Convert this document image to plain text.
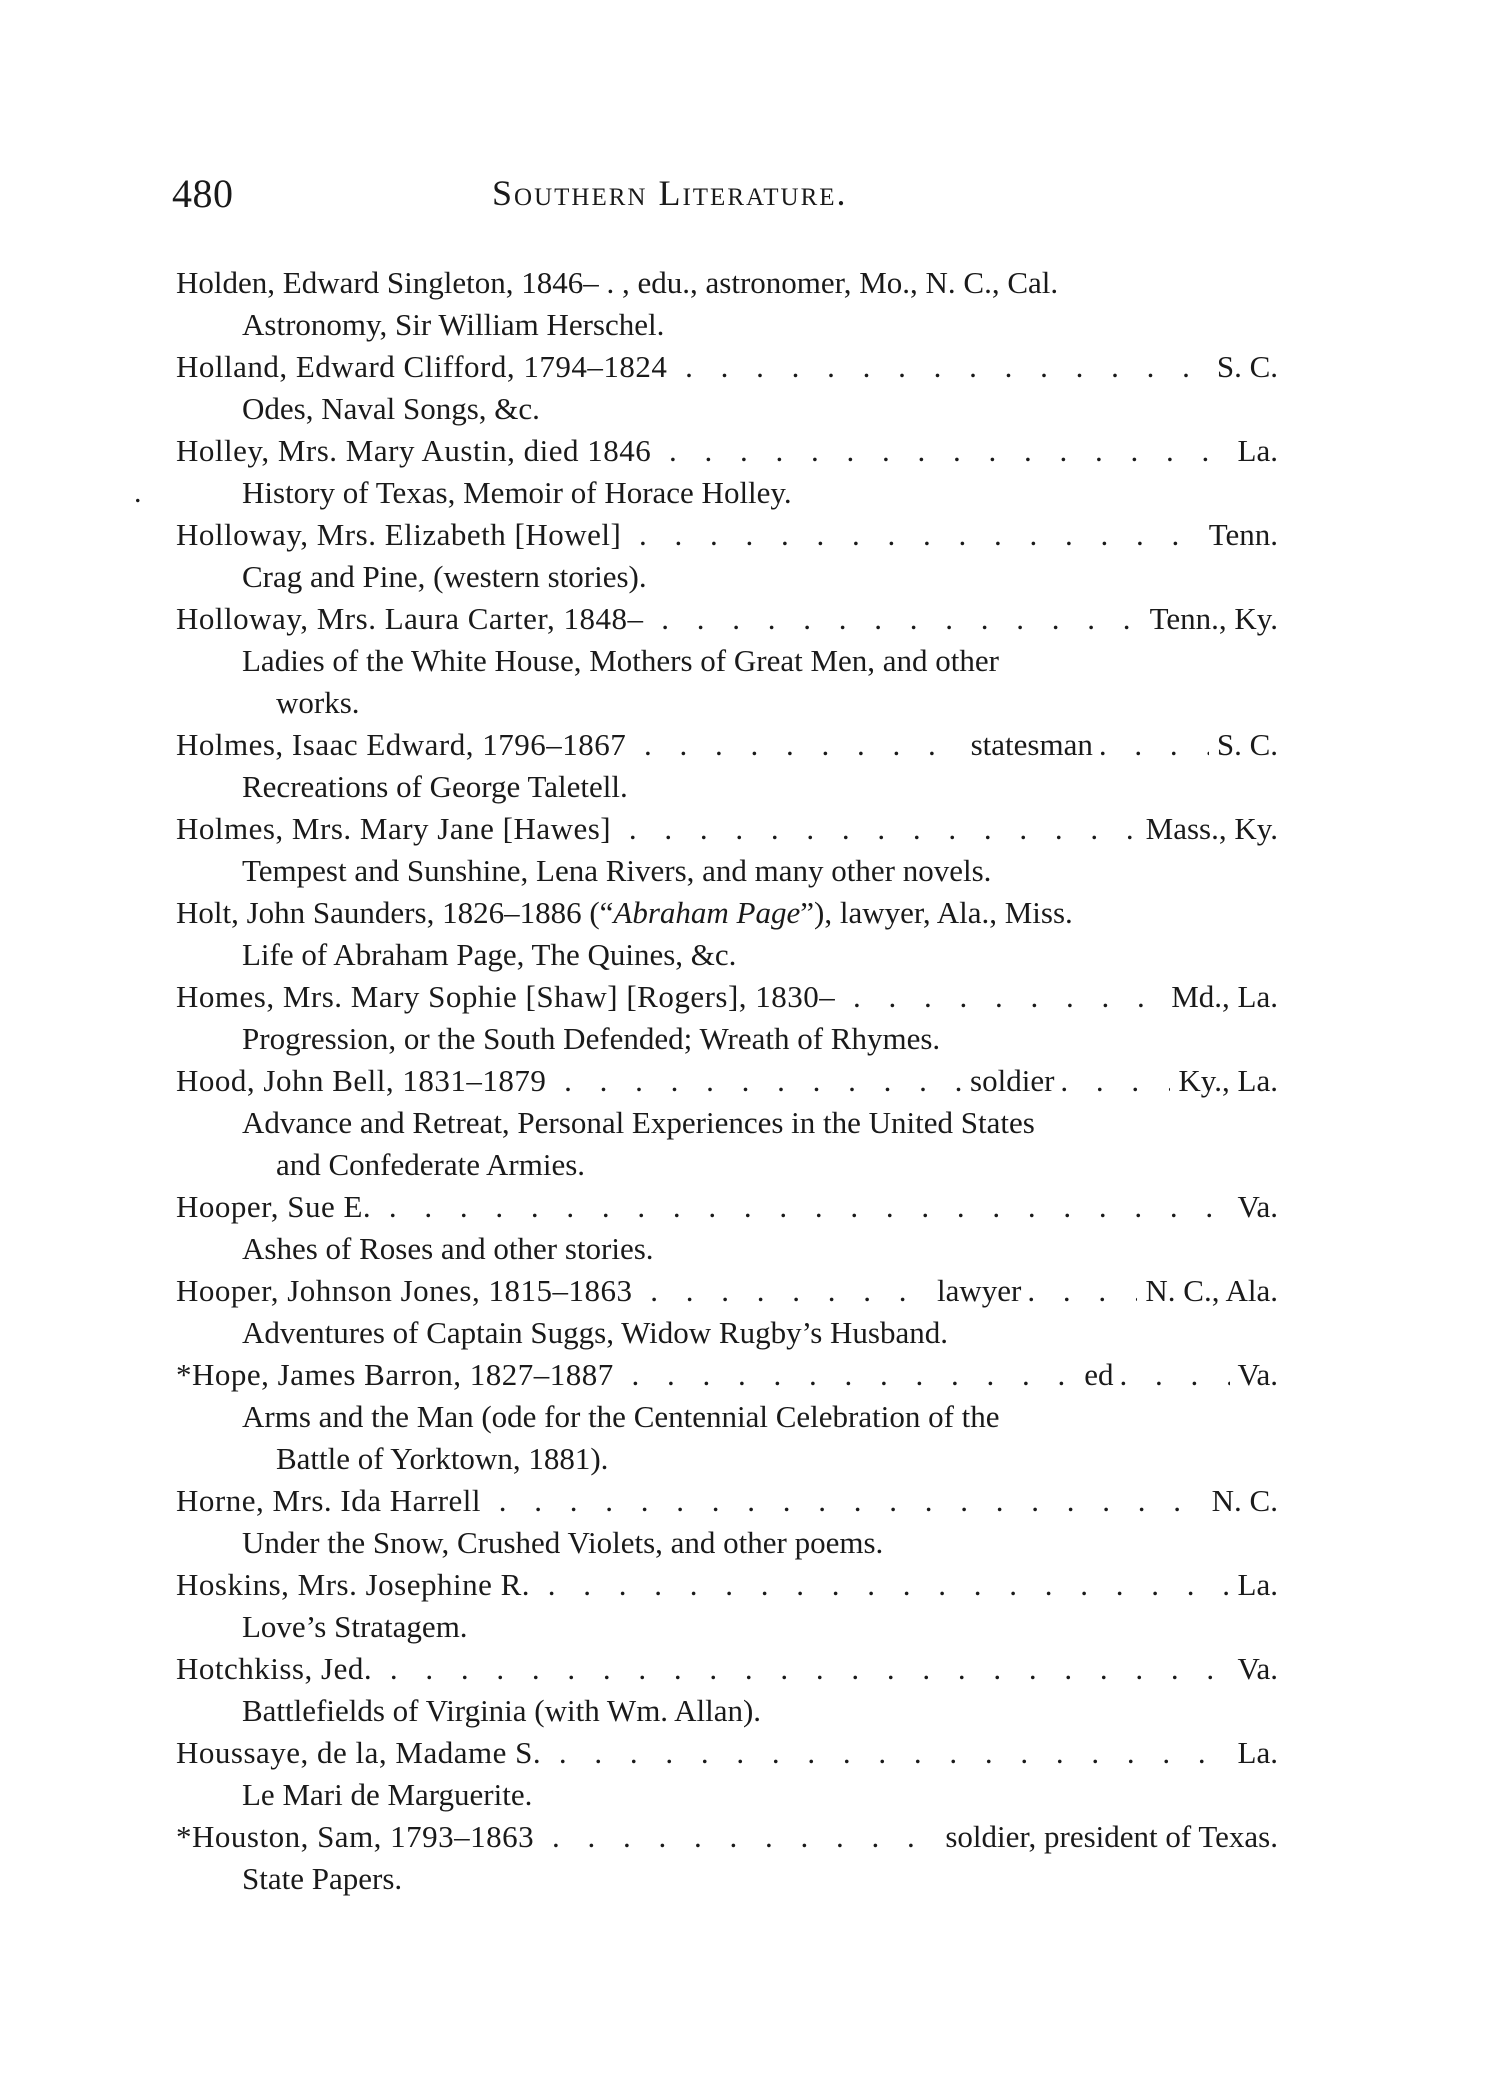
480	Southern Literature.
Holden, Edward Singleton, 1846– . , edu., astronomer, Mo., N. C., Cal.
Astronomy, Sir William Herschel.
Holland, Edward Clifford, 1794–1824 . . .	S. C.
Odes, Naval Songs, &c.
Holley, Mrs. Mary Austin, died 1846 . . .	La.
.	History of Texas, Memoir of Horace Holley.
Holloway, Mrs. Elizabeth [Howel] . . .	Tenn.
Crag and Pine, (western stories).
Holloway, Mrs. Laura Carter, 1848– . . .	Tenn., Ky.
Ladies of the White House, Mothers of Great Men, and other
works.
Holmes, Isaac Edward, 1796–1867 . . .	statesman . . .	S. C.
Recreations of George Taletell.
Holmes, Mrs. Mary Jane [Hawes] . . .	Mass., Ky.
Tempest and Sunshine, Lena Rivers, and many other novels.
Holt, John Saunders, 1826–1886 (“Abraham Page”), lawyer, Ala., Miss.
Life of Abraham Page, The Quines, &c.
Homes, Mrs. Mary Sophie [Shaw] [Rogers], 1830– . . .	Md., La.
Progression, or the South Defended; Wreath of Rhymes.
Hood, John Bell, 1831–1879 . . .	soldier . . .	Ky., La.
Advance and Retreat, Personal Experiences in the United States
and Confederate Armies.
Hooper, Sue E. . . .	Va.
Ashes of Roses and other stories.
Hooper, Johnson Jones, 1815–1863 . . .	lawyer . . .	N. C., Ala.
Adventures of Captain Suggs, Widow Rugby’s Husband.
*Hope, James Barron, 1827–1887 . . .	ed . . .	Va.
Arms and the Man (ode for the Centennial Celebration of the
Battle of Yorktown, 1881).
Horne, Mrs. Ida Harrell . . .	N. C.
Under the Snow, Crushed Violets, and other poems.
Hoskins, Mrs. Josephine R. . . .	La.
Love’s Stratagem.
Hotchkiss, Jed. . . .	Va.
Battlefields of Virginia (with Wm. Allan).
Houssaye, de la, Madame S. . . .	La.
Le Mari de Marguerite.
*Houston, Sam, 1793–1863 . . .	soldier, president of Texas.
State Papers.
